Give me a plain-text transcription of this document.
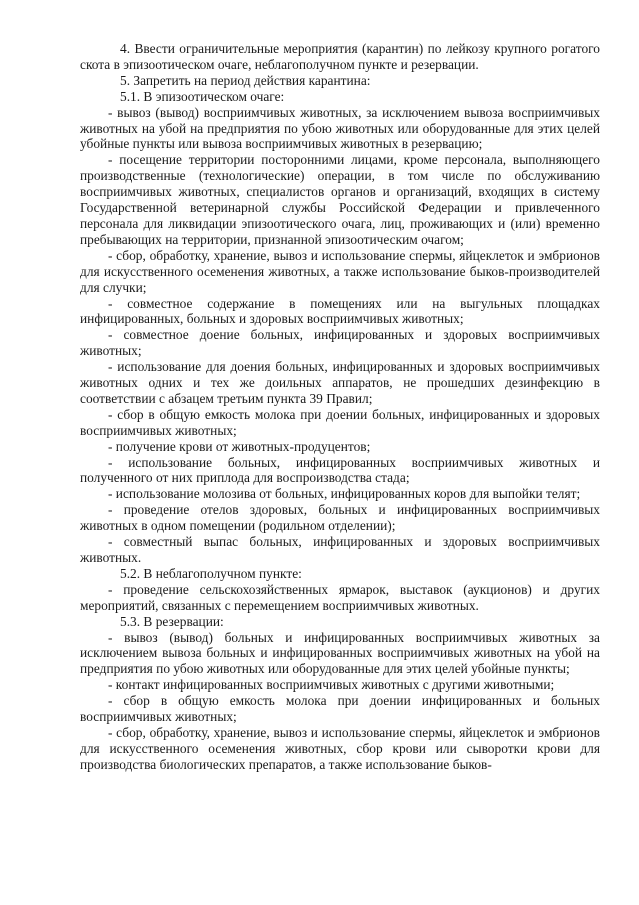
4. Ввести ограничительные мероприятия (карантин) по лейкозу крупного рогатого скота в эпизоотическом очаге, неблагополучном пункте и резервации.

5. Запретить на период действия карантина:

5.1. В эпизоотическом очаге:

- вывоз (вывод) восприимчивых животных, за исключением вывоза восприимчивых животных на убой на предприятия по убою животных или оборудованные для этих целей убойные пункты или вывоза восприимчивых животных в резервацию;

- посещение территории посторонними лицами, кроме персонала, выполняющего производственные (технологические) операции, в том числе по обслуживанию восприимчивых животных, специалистов органов и организаций, входящих в систему Государственной ветеринарной службы Российской Федерации и привлеченного персонала для ликвидации эпизоотического очага, лиц, проживающих и (или) временно пребывающих на территории, признанной эпизоотическим очагом;

- сбор, обработку, хранение, вывоз и использование спермы, яйцеклеток и эмбрионов для искусственного осеменения животных, а также использование быков-производителей для случки;

- совместное содержание в помещениях или на выгульных площадках инфицированных, больных и здоровых восприимчивых животных;

- совместное доение больных, инфицированных и здоровых восприимчивых животных;

- использование для доения больных, инфицированных и здоровых восприимчивых животных одних и тех же доильных аппаратов, не прошедших дезинфекцию в соответствии с абзацем третьим пункта 39 Правил;

- сбор в общую емкость молока при доении больных, инфицированных и здоровых восприимчивых животных;

- получение крови от животных-продуцентов;

- использование больных, инфицированных восприимчивых животных и полученного от них приплода для воспроизводства стада;

- использование молозива от больных, инфицированных коров для выпойки телят;

- проведение отелов здоровых, больных и инфицированных восприимчивых животных в одном помещении (родильном отделении);

- совместный выпас больных, инфицированных и здоровых восприимчивых животных.

5.2. В неблагополучном пункте:

- проведение сельскохозяйственных ярмарок, выставок (аукционов) и других мероприятий, связанных с перемещением восприимчивых животных.

5.3. В резервации:

- вывоз (вывод) больных и инфицированных восприимчивых животных за исключением вывоза больных и инфицированных восприимчивых животных на убой на предприятия по убою животных или оборудованные для этих целей убойные пункты;

- контакт инфицированных восприимчивых животных с другими животными;

- сбор в общую емкость молока при доении инфицированных и больных восприимчивых животных;

- сбор, обработку, хранение, вывоз и использование спермы, яйцеклеток и эмбрионов для искусственного осеменения животных, сбор крови или сыворотки крови для производства биологических препаратов, а также использование быков-
